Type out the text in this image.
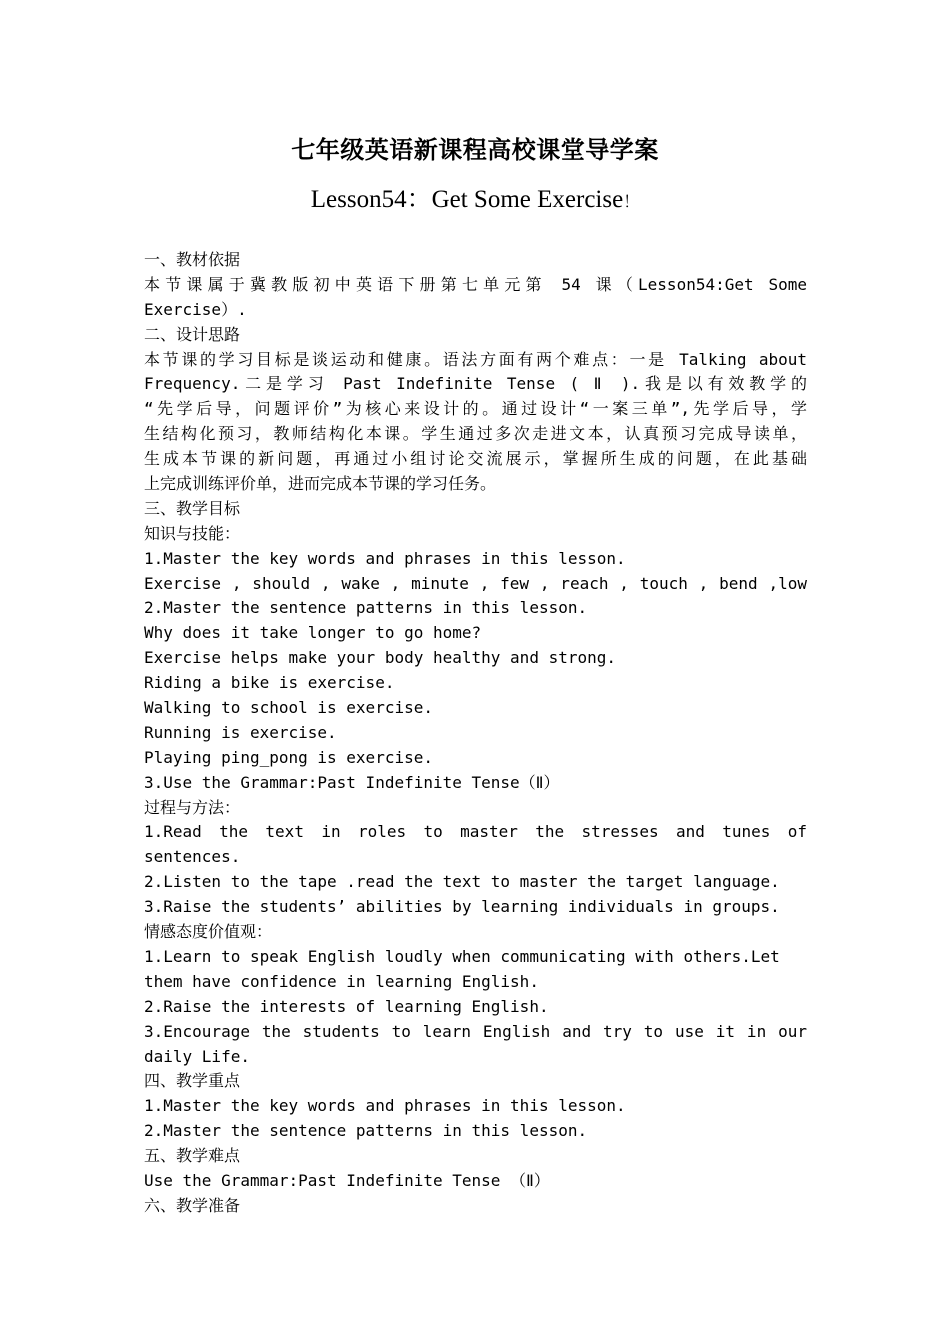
七年级英语新课程高校课堂导学案
Lesson54：Get Some Exercise！
一、教材依据
本节课属于冀教版初中英语下册第七单元第 54 课（Lesson54:Get Some
Exercise）.
二、设计思路
本节课的学习目标是谈运动和健康。语法方面有两个难点：一是 Talking about
Frequency.二是学习 Past Indefinite Tense ( Ⅱ ).我是以有效教学的
“先学后导，问题评价”为核心来设计的。通过设计“一案三单”,先学后导，学
生结构化预习，教师结构化本课。学生通过多次走进文本，认真预习完成导读单，
生成本节课的新问题，再通过小组讨论交流展示，掌握所生成的问题，在此基础
上完成训练评价单，进而完成本节课的学习任务。
三、教学目标
知识与技能：
1.Master the key words and phrases in this lesson.
Exercise , should , wake , minute , few , reach , touch , bend ,low
2.Master the sentence patterns in this lesson.
Why does it take longer to go home?
Exercise helps make your body healthy and strong.
Riding a bike is exercise.
Walking to school is exercise.
Running is exercise.
Playing ping_pong is exercise.
3.Use the Grammar:Past Indefinite Tense（Ⅱ）
过程与方法：
1.Read the text in roles to master the stresses and tunes of
sentences.
2.Listen to the tape .read the text to master the target language.
3.Raise the students’ abilities by learning individuals in groups.
情感态度价值观：
1.Learn to speak English loudly when communicating with others.Let
them have confidence in learning English.
2.Raise the interests of learning English.
3.Encourage the students to learn English and try to use it in our
daily Life.
四、教学重点
1.Master the key words and phrases in this lesson.
2.Master the sentence patterns in this lesson.
五、教学难点
Use the Grammar:Past Indefinite Tense （Ⅱ）
六、教学准备
